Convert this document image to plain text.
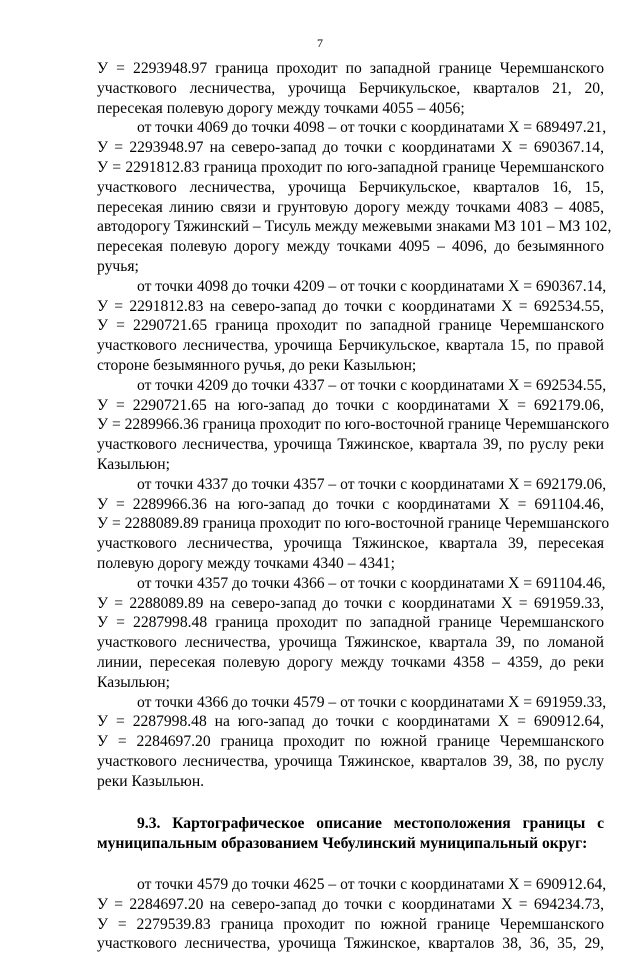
7
У = 2293948.97 граница проходит по западной границе Черемшанского
участкового лесничества, урочища Берчикульское, кварталов 21, 20,
пересекая полевую дорогу между точками 4055 – 4056;
от точки 4069 до точки 4098 – от точки с координатами Х = 689497.21,
У = 2293948.97 на северо-запад до точки с координатами Х = 690367.14,
У = 2291812.83 граница проходит по юго-западной границе Черемшанского
участкового лесничества, урочища Берчикульское, кварталов 16, 15,
пересекая линию связи и грунтовую дорогу между точками 4083 – 4085,
автодорогу Тяжинский – Тисуль между межевыми знаками МЗ 101 – МЗ 102,
пересекая полевую дорогу между точками 4095 – 4096, до безымянного
ручья;
от точки 4098 до точки 4209 – от точки с координатами Х = 690367.14,
У = 2291812.83 на северо-запад до точки с координатами Х = 692534.55,
У = 2290721.65 граница проходит по западной границе Черемшанского
участкового лесничества, урочища Берчикульское, квартала 15, по правой
стороне безымянного ручья, до реки Казыльюн;
от точки 4209 до точки 4337 – от точки с координатами Х = 692534.55,
У = 2290721.65 на юго-запад до точки с координатами Х = 692179.06,
У = 2289966.36 граница проходит по юго-восточной границе Черемшанского
участкового лесничества, урочища Тяжинское, квартала 39, по руслу реки
Казыльюн;
от точки 4337 до точки 4357 – от точки с координатами Х = 692179.06,
У = 2289966.36 на юго-запад до точки с координатами Х = 691104.46,
У = 2288089.89 граница проходит по юго-восточной границе Черемшанского
участкового лесничества, урочища Тяжинское, квартала 39, пересекая
полевую дорогу между точками 4340 – 4341;
от точки 4357 до точки 4366 – от точки с координатами Х = 691104.46,
У = 2288089.89 на северо-запад до точки с координатами Х = 691959.33,
У = 2287998.48 граница проходит по западной границе Черемшанского
участкового лесничества, урочища Тяжинское, квартала 39, по ломаной
линии, пересекая полевую дорогу между точками 4358 – 4359, до реки
Казыльюн;
от точки 4366 до точки 4579 – от точки с координатами Х = 691959.33,
У = 2287998.48 на юго-запад до точки с координатами Х = 690912.64,
У = 2284697.20 граница проходит по южной границе Черемшанского
участкового лесничества, урочища Тяжинское, кварталов 39, 38, по руслу
реки Казыльюн.
9.3. Картографическое описание местоположения границы с
муниципальным образованием Чебулинский муниципальный округ:
от точки 4579 до точки 4625 – от точки с координатами Х = 690912.64,
У = 2284697.20 на северо-запад до точки с координатами Х = 694234.73,
У = 2279539.83 граница проходит по южной границе Черемшанского
участкового лесничества, урочища Тяжинское, кварталов 38, 36, 35, 29,
